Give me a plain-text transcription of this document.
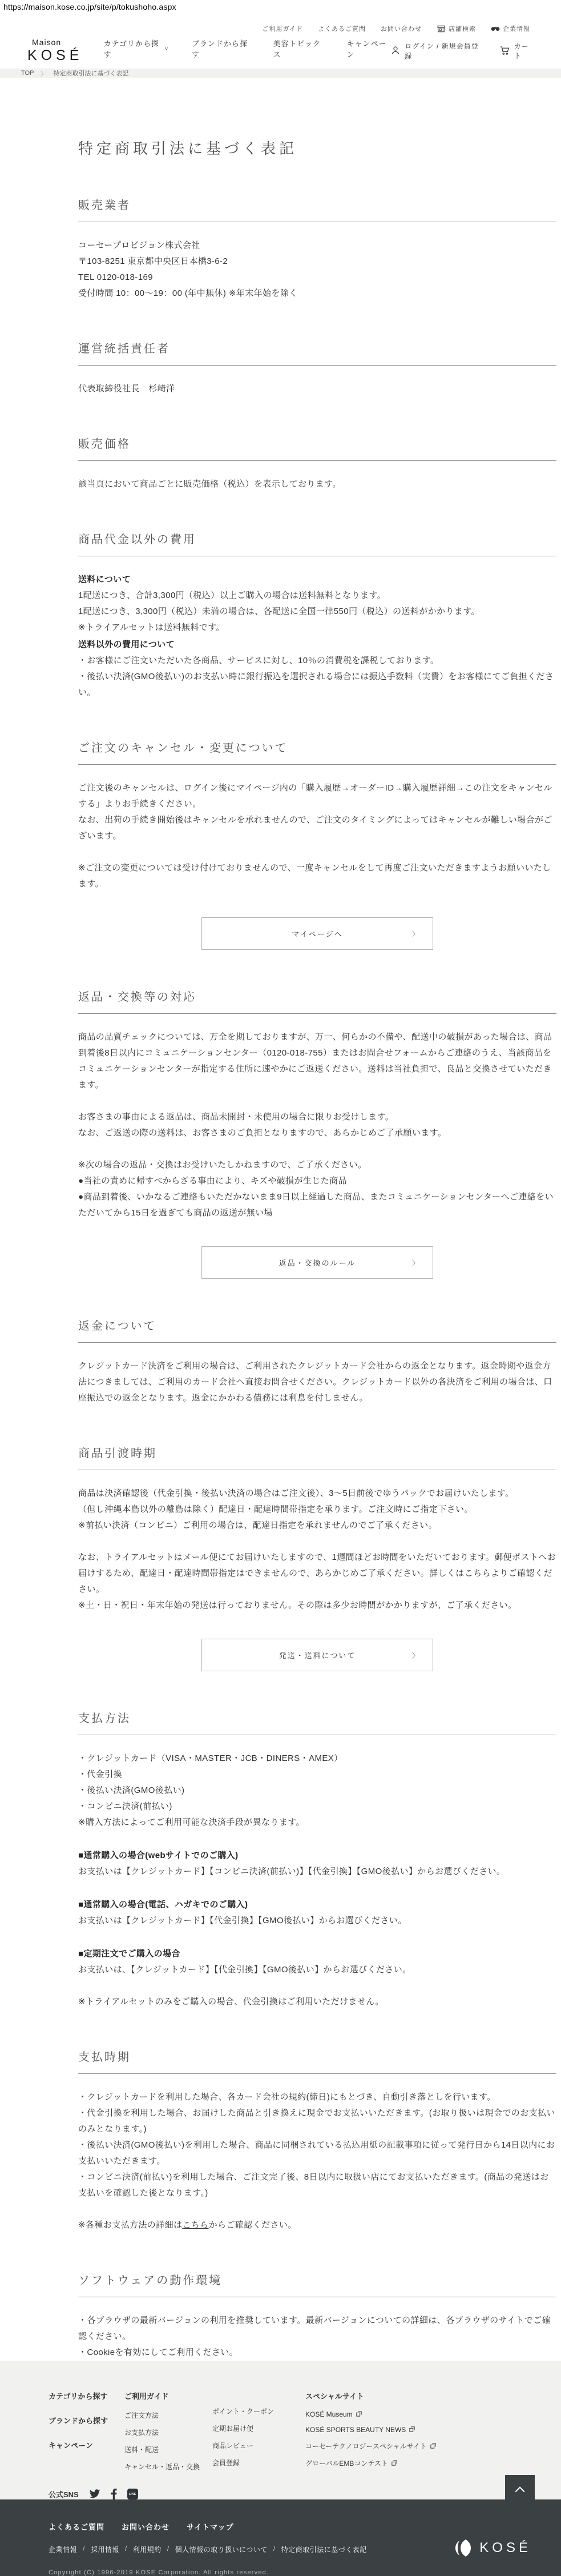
https://maison.kose.co.jp/site/p/tokushoho.aspx
ご利用ガイド よくあるご質問 お問い合わせ	店舗検索	企業情報
Maison
KOSÉ
カテゴリから探す
∨
ブランドから探す
美容トピックス
キャンペーン
ログイン / 新規会員登録
カート
TOP 〉 特定商取引法に基づく表記
特定商取引法に基づく表記
販売業者
コーセープロビジョン株式会社
〒103-8251 東京都中央区日本橋3-6-2
TEL 0120-018-169
受付時間 10：00～19：00 (年中無休) ※年末年始を除く
運営統括責任者
代表取締役社長　杉崎洋
販売価格
該当頁において商品ごとに販売価格（税込）を表示しております。
商品代金以外の費用
送料について
1配送につき、合計3,300円（税込）以上ご購入の場合は送料無料となります。
1配送につき、3,300円（税込）未満の場合は、各配送に全国一律550円（税込）の送料がかかります。
※トライアルセットは送料無料です。
送料以外の費用について
・お客様にご注文いただいた各商品、サービスに対し、10％の消費税を課税しております。
・後払い決済(GMO後払い)のお支払い時に銀行振込を選択される場合には振込手数料（実費）をお客様にてご負担ください。
ご注文のキャンセル・変更について
ご注文後のキャンセルは、ログイン後にマイページ内の「購入履歴→オーダーID→購入履歴詳細→この注文をキャンセルする」よりお手続きください。
なお、出荷の手続き開始後はキャンセルを承れませんので、ご注文のタイミングによってはキャンセルが難しい場合がございます。
※ご注文の変更については受け付けておりませんので、一度キャンセルをして再度ご注文いただきますようお願いいたします。
マイページへ	〉
返品・交換等の対応
商品の品質チェックについては、万全を期しておりますが、万一、何らかの不備や、配送中の破損があった場合は、商品到着後8日以内にコミュニケーションセンター（0120-018-755）またはお問合せフォームからご連絡のうえ、当該商品をコミュニケーションセンターが指定する住所に速やかにご返送ください。送料は当社負担で、良品と交換させていただきます。
お客さまの事由による返品は、商品未開封・未使用の場合に限りお受けします。
なお、ご返送の際の送料は、お客さまのご負担となりますので、あらかじめご了承願います。
※次の場合の返品・交換はお受けいたしかねますので、ご了承ください。
●当社の責めに帰すべからざる事由により、キズや破損が生じた商品
●商品到着後、いかなるご連絡もいただかないまま9日以上経過した商品、またコミュニケーションセンターへご連絡をいただいてから15日を過ぎても商品の返送が無い場
返品・交換のルール	〉
返金について
クレジットカード決済をご利用の場合は、ご利用されたクレジットカード会社からの返金となります。返金時期や返金方法につきましては、ご利用のカード会社へ直接お問合せください。クレジットカード以外の各決済をご利用の場合は、口座振込での返金となります。返金にかかわる債務には利息を付しません。
商品引渡時期
商品は決済確認後（代金引換・後払い決済の場合はご注文後）、3～5日前後でゆうパックでお届けいたします。
（但し沖縄本島以外の離島は除く）配達日・配達時間帯指定を承ります。ご注文時にご指定下さい。
※前払い決済（コンビニ）ご利用の場合は、配達日指定を承れませんのでご了承ください。
なお、トライアルセットはメール便にてお届けいたしますので、1週間ほどお時間をいただいております。郵便ポストへお届けするため、配達日・配達時間帯指定はできませんので、あらかじめご了承ください。詳しくはこちらよりご確認ください。
※土・日・祝日・年末年始の発送は行っておりません。その際は多少お時間がかかりますが、ご了承ください。
発送・送料について	〉
支払方法
・クレジットカード（VISA・MASTER・JCB・DINERS・AMEX）
・代金引換
・後払い決済(GMO後払い)
・コンビニ決済(前払い)
※購入方法によってご利用可能な決済手段が異なります。
■通常購入の場合(webサイトでのご購入)
お支払いは【クレジットカード】【コンビニ決済(前払い)】【代金引換】【GMO後払い】からお選びください。
■通常購入の場合(電話、ハガキでのご購入)
お支払いは【クレジットカード】【代金引換】【GMO後払い】からお選びください。
■定期注文でご購入の場合
お支払いは、【クレジットカード】【代金引換】【GMO後払い】からお選びください。
※トライアルセットのみをご購入の場合、代金引換はご利用いただけません。
支払時期
・クレジットカードを利用した場合、各カード会社の規約(締日)にもとづき、自動引き落としを行います。
・代金引換を利用した場合、お届けした商品と引き換えに現金でお支払いいただきます。(お取り扱いは現金でのお支払いのみとなります。)
・後払い決済(GMO後払い)を利用した場合、商品に同梱されている払込用紙の記載事項に従って発行日から14日以内にお支払いいただきます。
・コンビニ決済(前払い)を利用した場合、ご注文完了後、8日以内に取扱い店にてお支払いただきます。(商品の発送はお支払いを確認した後となります。)
※各種お支払方法の詳細はこちらからご確認ください。
ソフトウェアの動作環境
・各ブラウザの最新バージョンの利用を推奨しています。最新バージョンについての詳細は、各ブラウザのサイトでご確認ください。
・Cookieを有効にしてご利用ください。
カテゴリから探す
ブランドから探す
キャンペーン
ご利用ガイド
ご注文方法
お支払方法
送料・配送
キャンセル・返品・交換
ポイント・クーポン
定期お届け便
商品レビュー
会員登録
スペシャルサイト
KOSÉ Museum
KOSÉ SPORTS BEAUTY NEWS
コーセーテクノロジースペシャルサイト
グローバルEMBコンテスト
公式SNS	LINE
よくあるご質問 お問い合わせ サイトマップ
企業情報 / 採用情報 / 利用規約 / 個人情報の取り扱いについて / 特定商取引法に基づく表記
Copyright (C) 1996-2019 KOSE Corporation. All rights reserved.
KOSÉ
